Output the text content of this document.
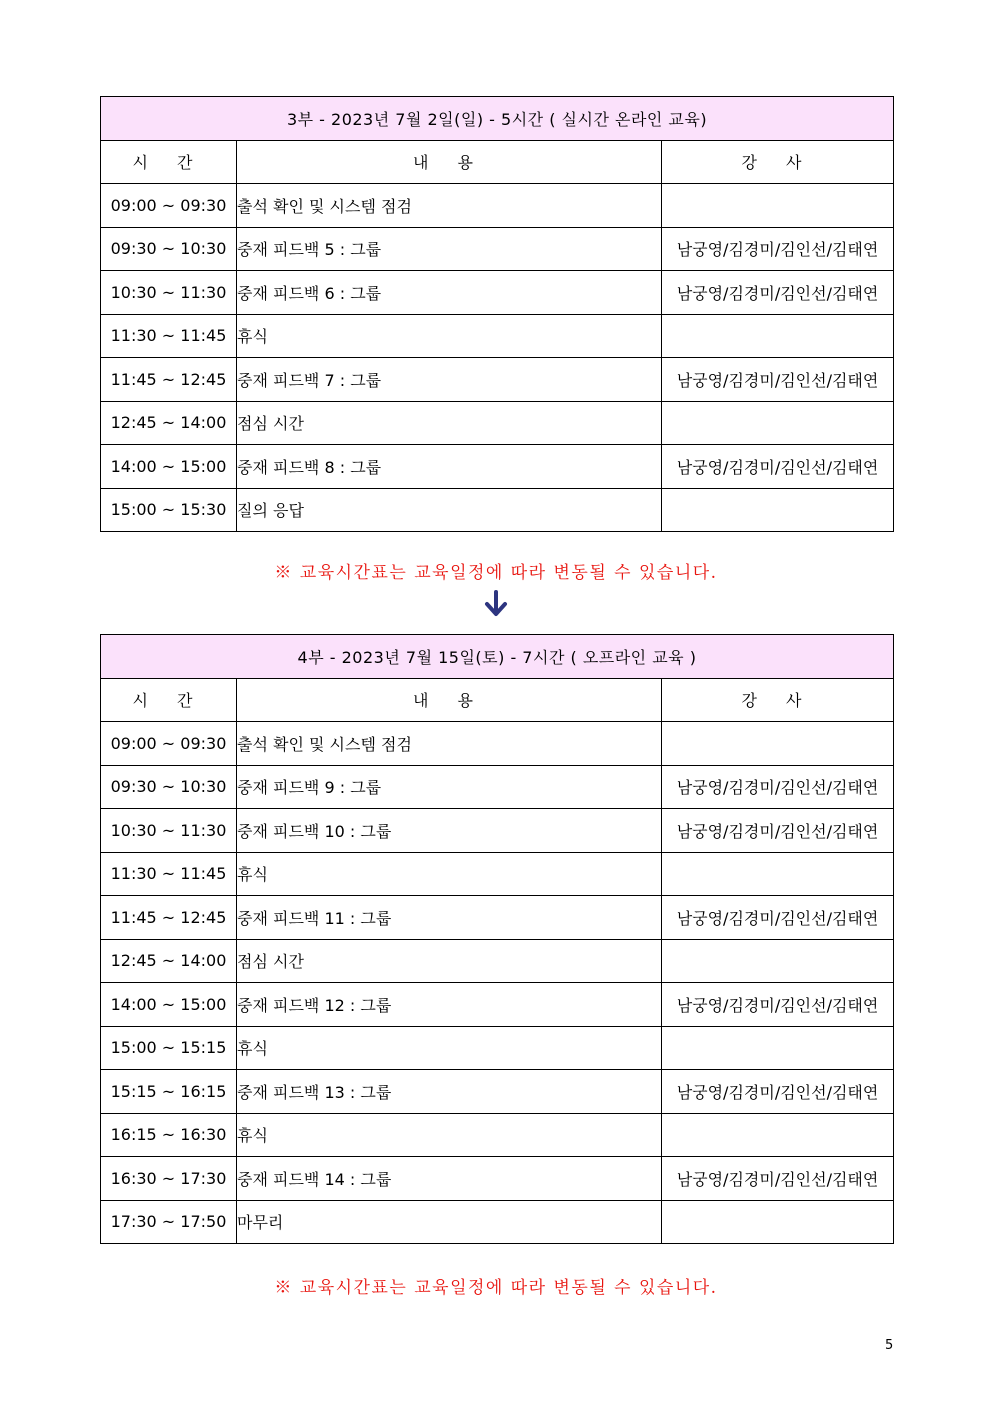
3부 - 2023년 7월 2일(일) - 5시간 ( 실시간 온라인 교육)		
시 간	내 용	강 사
09:00 ~ 09:30	출석 확인 및 시스템 점검	
09:30 ~ 10:30	중재 피드백 5 : 그룹	남궁영/김경미/김인선/김태연
10:30 ~ 11:30	중재 피드백 6 : 그룹	남궁영/김경미/김인선/김태연
11:30 ~ 11:45	휴식	
11:45 ~ 12:45	중재 피드백 7 : 그룹	남궁영/김경미/김인선/김태연
12:45 ~ 14:00	점심 시간	
14:00 ~ 15:00	중재 피드백 8 : 그룹	남궁영/김경미/김인선/김태연
15:00 ~ 15:30	질의 응답	
※ 교육시간표는 교육일정에 따라 변동될 수 있습니다.
4부 - 2023년 7월 15일(토) - 7시간 ( 오프라인 교육 )		
시 간	내 용	강 사
09:00 ~ 09:30	출석 확인 및 시스템 점검	
09:30 ~ 10:30	중재 피드백 9 : 그룹	남궁영/김경미/김인선/김태연
10:30 ~ 11:30	중재 피드백 10 : 그룹	남궁영/김경미/김인선/김태연
11:30 ~ 11:45	휴식	
11:45 ~ 12:45	중재 피드백 11 : 그룹	남궁영/김경미/김인선/김태연
12:45 ~ 14:00	점심 시간	
14:00 ~ 15:00	중재 피드백 12 : 그룹	남궁영/김경미/김인선/김태연
15:00 ~ 15:15	휴식	
15:15 ~ 16:15	중재 피드백 13 : 그룹	남궁영/김경미/김인선/김태연
16:15 ~ 16:30	휴식	
16:30 ~ 17:30	중재 피드백 14 : 그룹	남궁영/김경미/김인선/김태연
17:30 ~ 17:50	마무리	
※ 교육시간표는 교육일정에 따라 변동될 수 있습니다.
5
